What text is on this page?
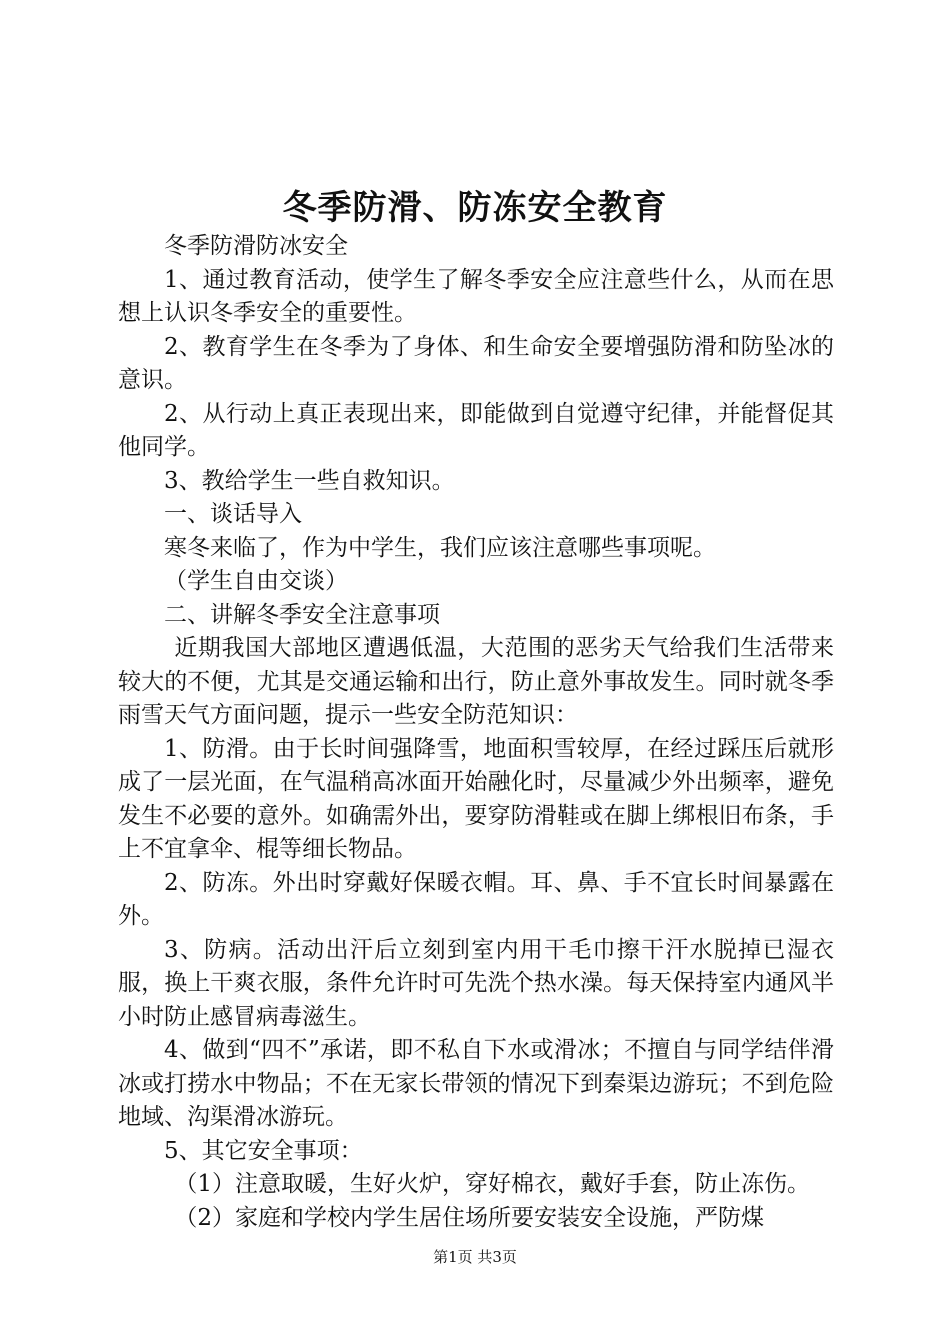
冬季防滑、防冻安全教育

冬季防滑防冰安全

1、通过教育活动，使学生了解冬季安全应注意些什么，从而在思想上认识冬季安全的重要性。

2、教育学生在冬季为了身体、和生命安全要增强防滑和防坠冰的意识。

2、从行动上真正表现出来，即能做到自觉遵守纪律，并能督促其他同学。

3、教给学生一些自救知识。

一、谈话导入

寒冬来临了，作为中学生，我们应该注意哪些事项呢。

（学生自由交谈）

二、讲解冬季安全注意事项

近期我国大部地区遭遇低温，大范围的恶劣天气给我们生活带来较大的不便，尤其是交通运输和出行，防止意外事故发生。同时就冬季雨雪天气方面问题，提示一些安全防范知识：

1、防滑。由于长时间强降雪，地面积雪较厚，在经过踩压后就形成了一层光面，在气温稍高冰面开始融化时，尽量减少外出频率，避免发生不必要的意外。如确需外出，要穿防滑鞋或在脚上绑根旧布条，手上不宜拿伞、棍等细长物品。

2、防冻。外出时穿戴好保暖衣帽。耳、鼻、手不宜长时间暴露在外。

3、防病。活动出汗后立刻到室内用干毛巾擦干汗水脱掉已湿衣服，换上干爽衣服，条件允许时可先洗个热水澡。每天保持室内通风半小时防止感冒病毒滋生。

4、做到“四不”承诺，即不私自下水或滑冰；不擅自与同学结伴滑冰或打捞水中物品；不在无家长带领的情况下到秦渠边游玩；不到危险地域、沟渠滑冰游玩。

5、其它安全事项：

（1）注意取暖，生好火炉，穿好棉衣，戴好手套，防止冻伤。

（2）家庭和学校内学生居住场所要安装安全设施，严防煤

第1页 共3页
